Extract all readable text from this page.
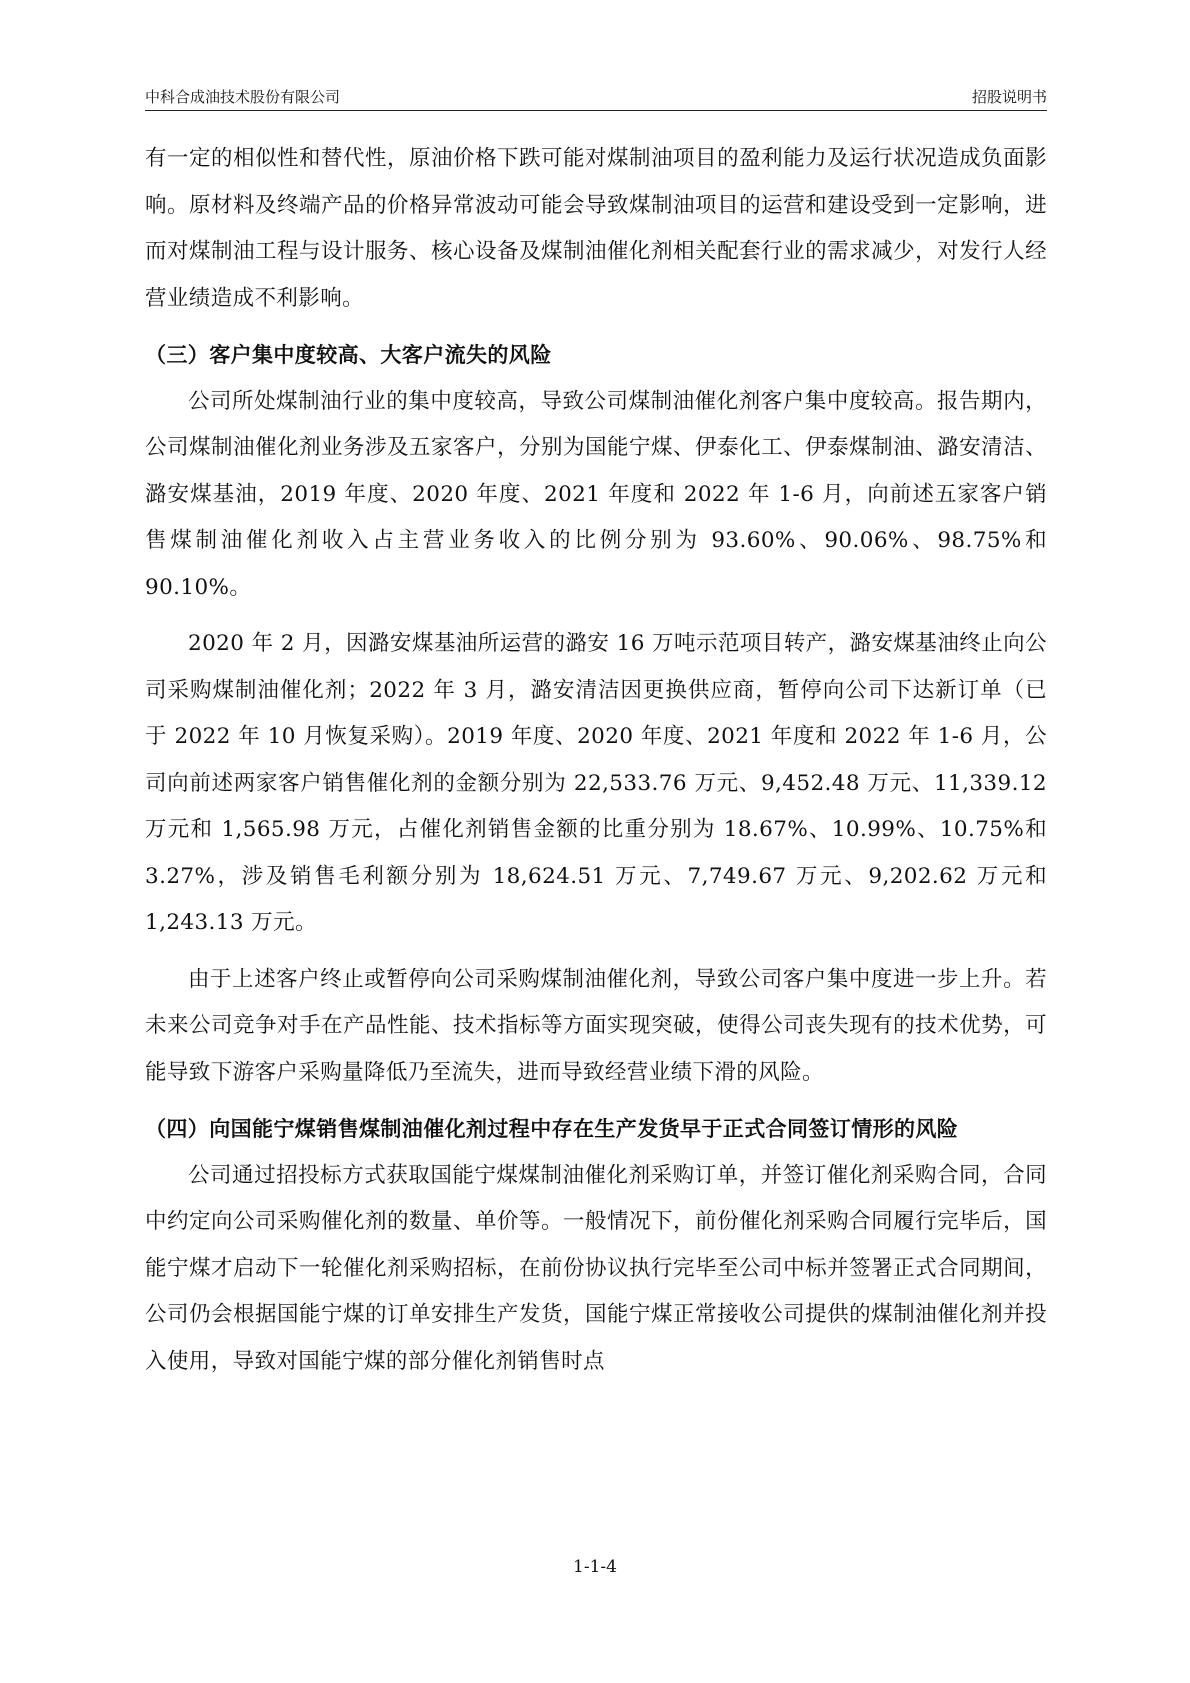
中科合成油技术股份有限公司	招股说明书

有一定的相似性和替代性，原油价格下跌可能对煤制油项目的盈利能力及运行状况造成负面影响。原材料及终端产品的价格异常波动可能会导致煤制油项目的运营和建设受到一定影响，进而对煤制油工程与设计服务、核心设备及煤制油催化剂相关配套行业的需求减少，对发行人经营业绩造成不利影响。

（三）客户集中度较高、大客户流失的风险

公司所处煤制油行业的集中度较高，导致公司煤制油催化剂客户集中度较高。报告期内，公司煤制油催化剂业务涉及五家客户，分别为国能宁煤、伊泰化工、伊泰煤制油、潞安清洁、潞安煤基油，2019 年度、2020 年度、2021 年度和 2022 年 1-6 月，向前述五家客户销售煤制油催化剂收入占主营业务收入的比例分别为 93.60%、90.06%、98.75%和 90.10%。

2020 年 2 月，因潞安煤基油所运营的潞安 16 万吨示范项目转产，潞安煤基油终止向公司采购煤制油催化剂；2022 年 3 月，潞安清洁因更换供应商，暂停向公司下达新订单（已于 2022 年 10 月恢复采购）。2019 年度、2020 年度、2021 年度和 2022 年 1-6 月，公司向前述两家客户销售催化剂的金额分别为 22,533.76 万元、9,452.48 万元、11,339.12 万元和 1,565.98 万元，占催化剂销售金额的比重分别为 18.67%、10.99%、10.75%和 3.27%，涉及销售毛利额分别为 18,624.51 万元、7,749.67 万元、9,202.62 万元和 1,243.13 万元。

由于上述客户终止或暂停向公司采购煤制油催化剂，导致公司客户集中度进一步上升。若未来公司竞争对手在产品性能、技术指标等方面实现突破，使得公司丧失现有的技术优势，可能导致下游客户采购量降低乃至流失，进而导致经营业绩下滑的风险。

（四）向国能宁煤销售煤制油催化剂过程中存在生产发货早于正式合同签订情形的风险

公司通过招投标方式获取国能宁煤煤制油催化剂采购订单，并签订催化剂采购合同，合同中约定向公司采购催化剂的数量、单价等。一般情况下，前份催化剂采购合同履行完毕后，国能宁煤才启动下一轮催化剂采购招标，在前份协议执行完毕至公司中标并签署正式合同期间，公司仍会根据国能宁煤的订单安排生产发货，国能宁煤正常接收公司提供的煤制油催化剂并投入使用，导致对国能宁煤的部分催化剂销售时点

1-1-4
